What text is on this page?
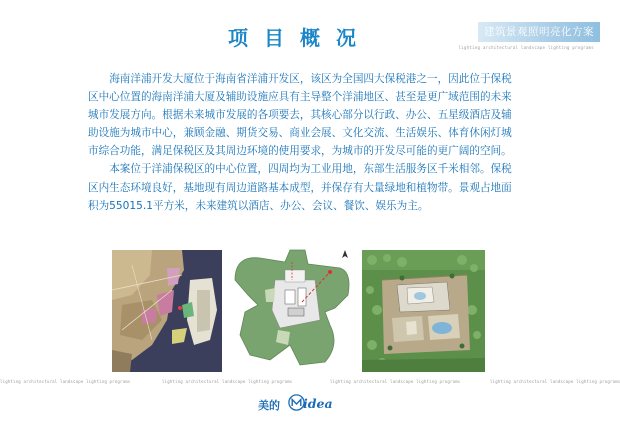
项目概况	建筑景观照明亮化方案
lighting architectural landscape lighting programs

海南洋浦开发大厦位于海南省洋浦开发区，该区为全国四大保税港之一，因此位于保税区中心位置的海南洋浦大厦及辅助设施应具有主导整个洋浦地区、甚至是更广域范围的未来城市发展方向。根据未来城市发展的各项要去，其核心部分以行政、办公、五星级酒店及辅助设施为城市中心，兼顾金融、期货交易、商业会展、文化交流、生活娱乐、体育休闲灯城市综合功能，满足保税区及其周边环境的使用要求，为城市的开发尽可能的更广阔的空间。

本案位于洋浦保税区的中心位置，四周均为工业用地，东部生活服务区千米相邻。保税区内生态环境良好，基地现有周边道路基本成型，并保存有大量绿地和植物带。景观占地面积为55015.1平方米，未来建筑以酒店、办公、会议、餐饮、娱乐为主。

lighting architectural landscape lighting programs	lighting architectural landscape lighting programs	lighting architectural landscape lighting programs	lighting architectural landscape lighting programs
美的 idea
